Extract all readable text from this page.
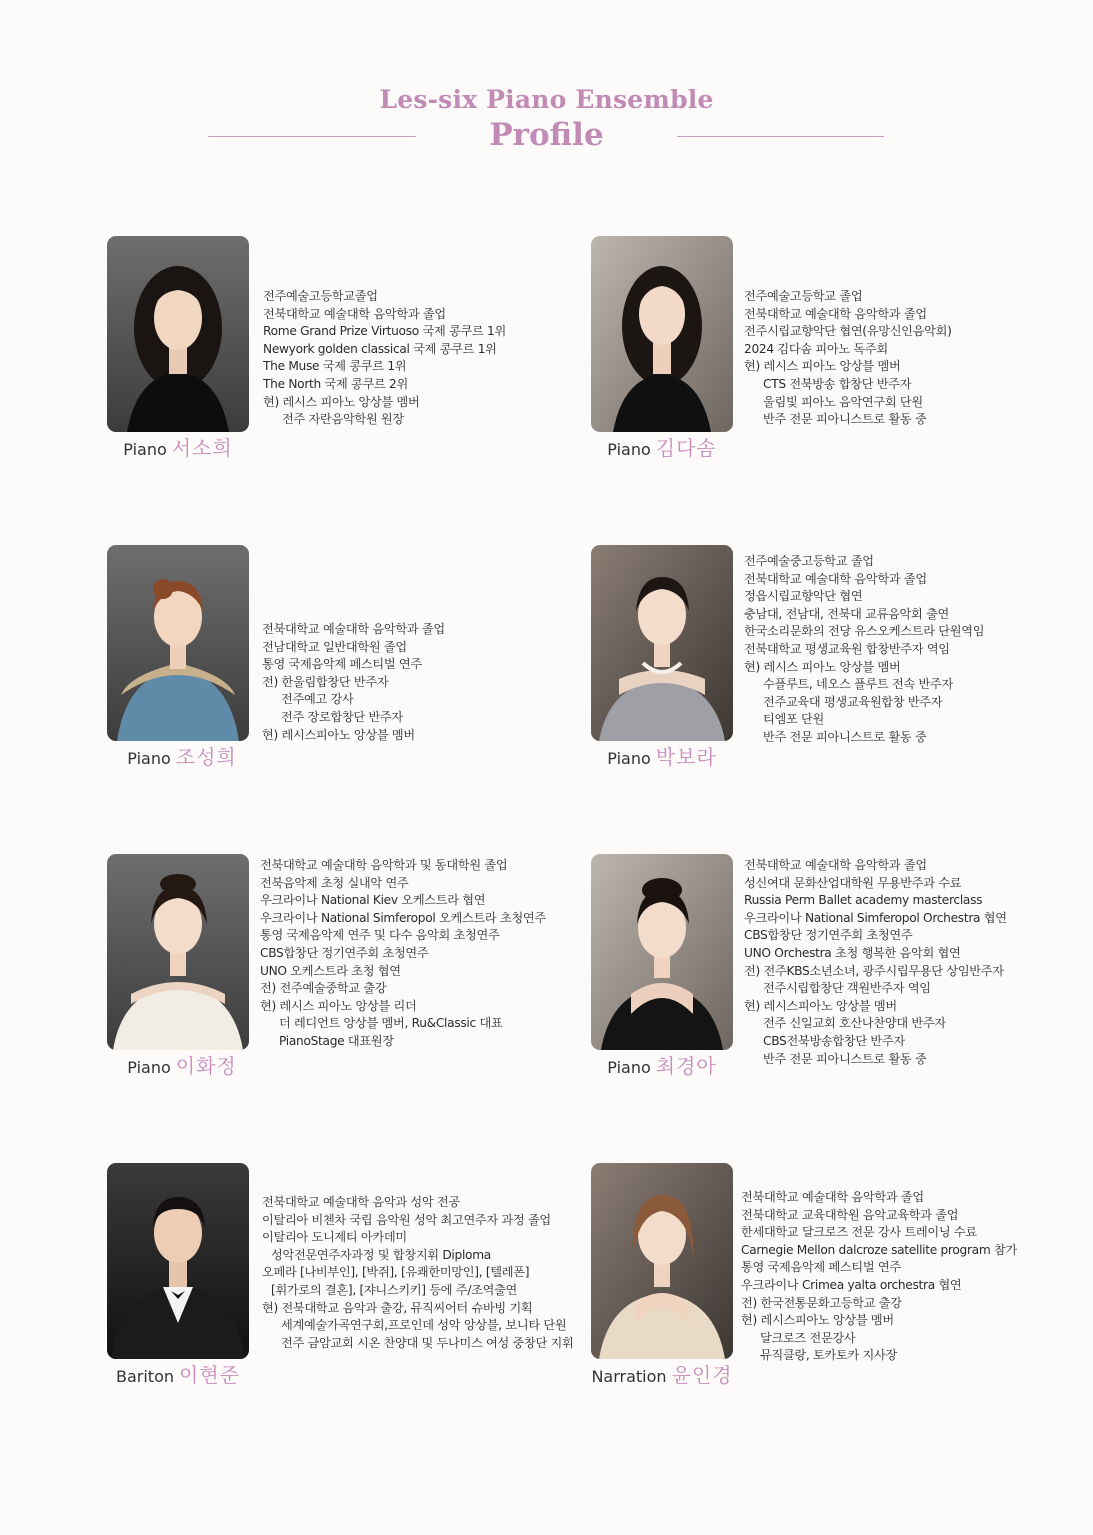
Les-six Piano Ensemble
Profile
Piano 서소희
전주예술고등학교졸업
전북대학교 예술대학 음악학과 졸업
Rome Grand Prize Virtuoso 국제 콩쿠르 1위
Newyork golden classical 국제 콩쿠르 1위
The Muse 국제 콩쿠르 1위
The North 국제 콩쿠르 2위
현) 레시스 피아노 앙상블 멤버
전주 자란음악학원 원장
Piano 김다솜
전주예술고등학교 졸업
전북대학교 예술대학 음악학과 졸업
전주시립교향악단 협연(유망신인음악회)
2024 김다솜 피아노 독주회
현) 레시스 피아노 앙상블 멤버
CTS 전북방송 합창단 반주자
울림빛 피아노 음악연구회 단원
반주 전문 피아니스트로 활동 중
Piano 조성희
전북대학교 예술대학 음악학과 졸업
전남대학교 일반대학원 졸업
통영 국제음악제 페스티벌 연주
전) 한울림합창단 반주자
전주예고 강사
전주 장로합창단 반주자
현) 레시스피아노 앙상블 멤버
Piano 박보라
전주예술중고등학교 졸업
전북대학교 예술대학 음악학과 졸업
정읍시립교향악단 협연
충남대, 전남대, 전북대 교류음악회 출연
한국소리문화의 전당 유스오케스트라 단원역임
전북대학교 평생교육원 합창반주자 역임
현) 레시스 피아노 앙상블 멤버
수플루트, 네오스 플루트 전속 반주자
전주교육대 평생교육원합창 반주자
티엠포 단원
반주 전문 피아니스트로 활동 중
Piano 이화정
전북대학교 예술대학 음악학과 및 동대학원 졸업
전북음악제 초청 실내악 연주
우크라이나 National Kiev 오케스트라 협연
우크라이나 National Simferopol 오케스트라 초청연주
통영 국제음악제 연주 및 다수 음악회 초청연주
CBS합창단 정기연주회 초청연주
UNO 오케스트라 초청 협연
전) 전주예술중학교 출강
현) 레시스 피아노 앙상블 리더
더 레디언트 앙상블 멤버, Ru&Classic 대표
PianoStage 대표원장
Piano 최경아
전북대학교 예술대학 음악학과 졸업
성신여대 문화산업대학원 무용반주과 수료
Russia Perm Ballet academy masterclass
우크라이나 National Simferopol Orchestra 협연
CBS합창단 정기연주회 초청연주
UNO Orchestra 초청 행복한 음악회 협연
전) 전주KBS소년소녀, 광주시립무용단 상임반주자
전주시립합창단 객원반주자 역임
현) 레시스피아노 앙상블 멤버
전주 신일교회 호산나찬양대 반주자
CBS전북방송합창단 반주자
반주 전문 피아니스트로 활동 중
Bariton 이현준
전북대학교 예술대학 음악과 성악 전공
이탈리아 비첸차 국립 음악원 성악 최고연주자 과정 졸업
이탈리아 도니제티 아카데미
성악전문연주자과정 및 합창지휘 Diploma
오페라 [나비부인], [박쥐], [유쾌한미망인], [텔레폰]
[휘가로의 결혼], [쟈니스키키] 등에 주/조역출연
현) 전북대학교 음악과 출강, 뮤직씨어터 슈바빙 기획
세계예술가곡연구회,프로인데 성악 앙상블, 보니타 단원
전주 금암교회 시온 찬양대 및 두나미스 여성 중창단 지휘
Narration 윤인경
전북대학교 예술대학 음악학과 졸업
전북대학교 교육대학원 음악교육학과 졸업
한세대학교 달크로즈 전문 강사 트레이닝 수료
Carnegie Mellon dalcroze satellite program 참가
통영 국제음악제 페스티벌 연주
우크라이나 Crimea yalta orchestra 협연
전) 한국전통문화고등학교 출강
현) 레시스피아노 앙상블 멤버
달크로즈 전문강사
뮤직클랑, 토카토카 지사장
